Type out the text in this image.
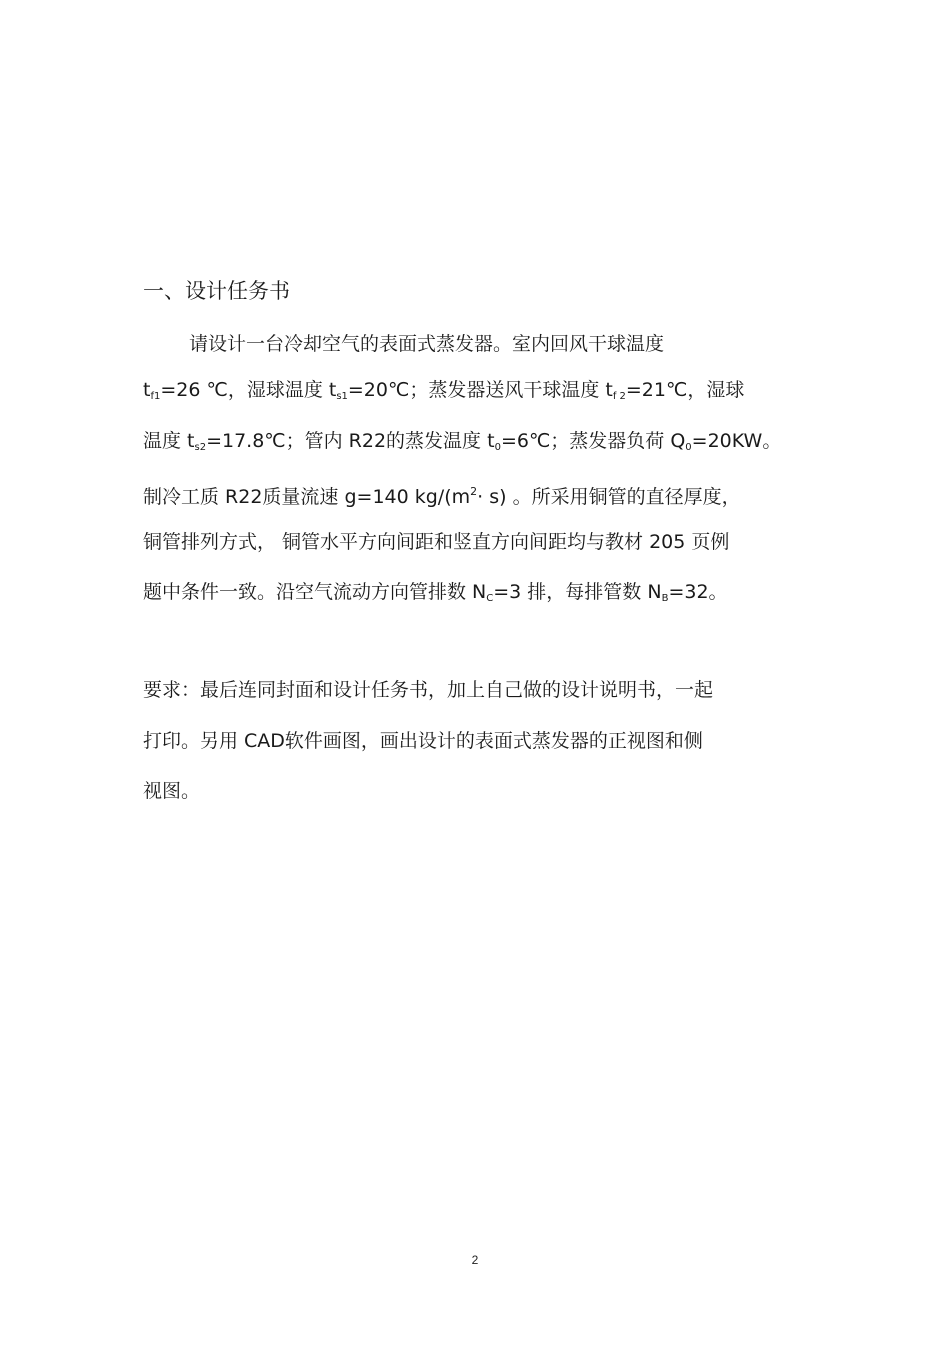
一、设计任务书
请设计一台冷却空气的表面式蒸发器。室内回风干球温度
$t_{f1}=26$ ℃，湿球温度 $t_{s1}=20℃$；蒸发器送风干球温度 $t_{f 2}=21℃$，湿球
温度 $t_{s2}=17.8℃$；管内 R22的蒸发温度 $t_0=6℃$；蒸发器负荷 $Q_0=20KW$。
制冷工质 R22质量流速 g=140 $kg/(m^2\cdot s)$ 。所采用铜管的直径厚度，
铜管排列方式， 铜管水平方向间距和竖直方向间距均与教材 205 页例
题中条件一致。沿空气流动方向管排数 $N_C=3$ 排，每排管数 $N_B=32$。
要求：最后连同封面和设计任务书，加上自己做的设计说明书，一起
打印。另用 CAD软件画图，画出设计的表面式蒸发器的正视图和侧
视图。
2
